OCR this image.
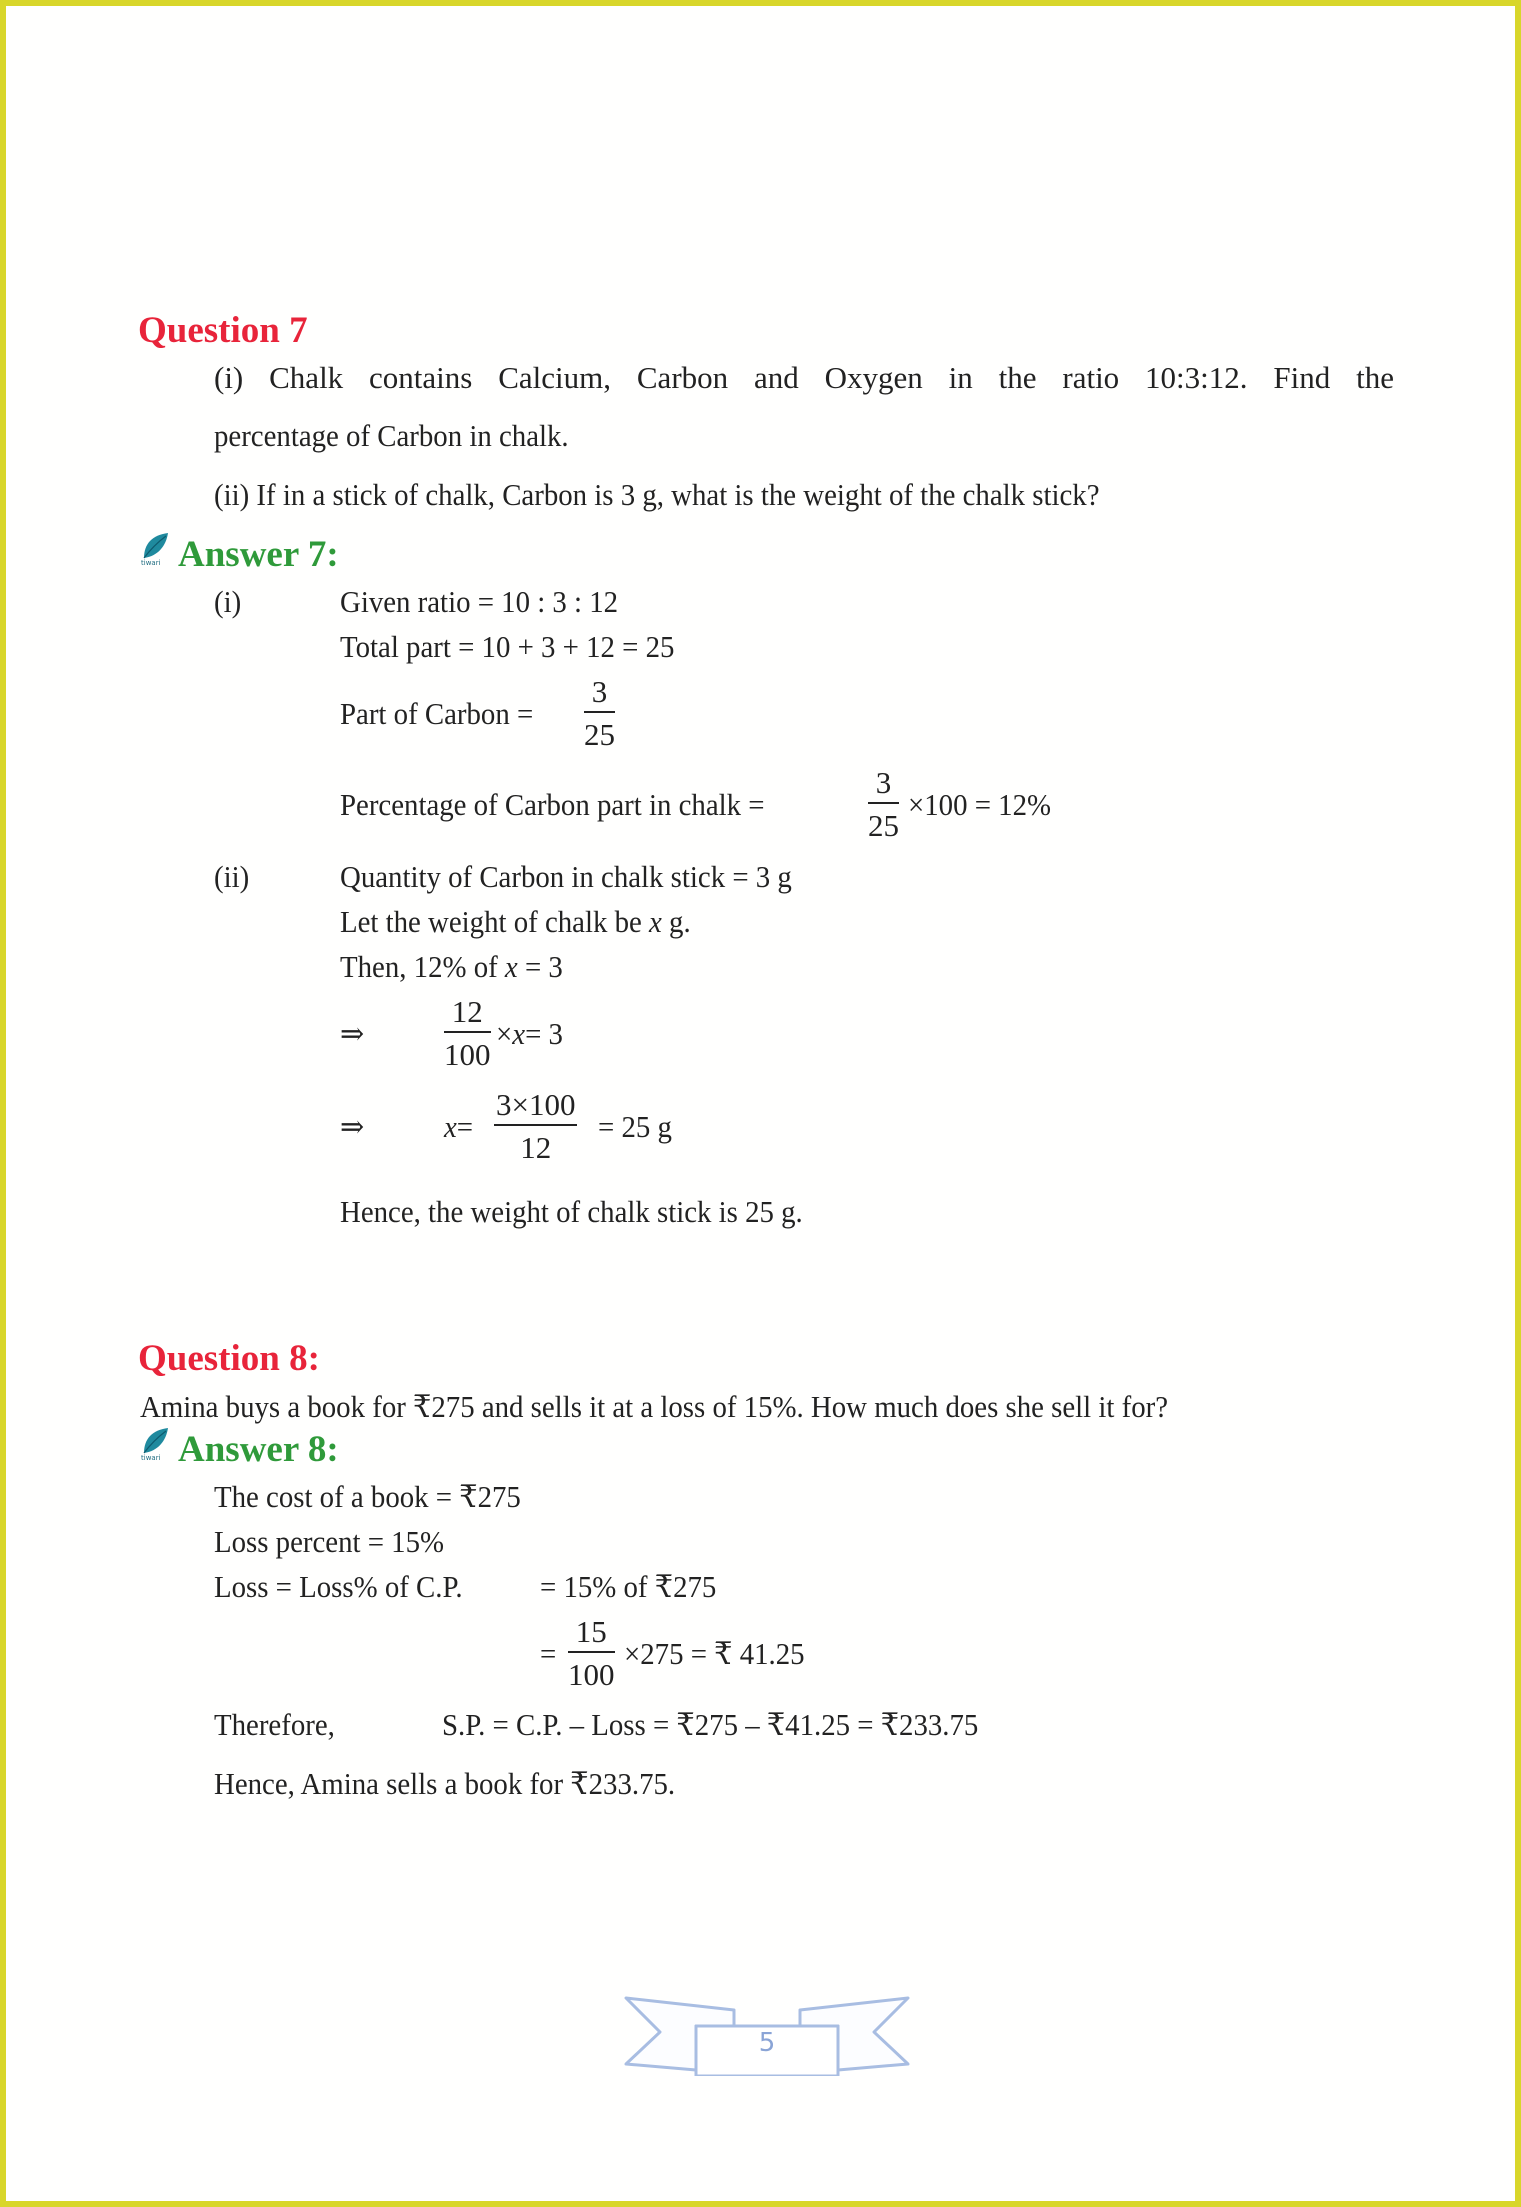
Question 7
(i) Chalk contains Calcium, Carbon and Oxygen in the ratio 10:3:12. Find the
percentage of Carbon in chalk.
(ii) If in a stick of chalk, Carbon is 3 g, what is the weight of the chalk stick?
tiwari Answer 7:
(i)	Given ratio = 10 : 3 : 12
Total part = 10 + 3 + 12 = 25
Part of Carbon = $\frac{3}{25}$
Percentage of Carbon part in chalk =	$\frac{3}{25} \times 100 = 12\%$
(ii)	Quantity of Carbon in chalk stick = 3 g
Let the weight of chalk be x g.
Then, 12% of x = 3
⇒	$\frac{12}{100} \times x= 3$
⇒	$x= \frac{3\times 100}{12} = 25$ g
Hence, the weight of chalk stick is 25 g.
Question 8:
Amina buys a book for ₹275 and sells it at a loss of 15%. How much does she sell it for?
tiwari Answer 8:
The cost of a book = ₹275
Loss percent = 15%
Loss = Loss% of C.P. = 15% of ₹275
= $\frac{15}{100} \times 275$ = ₹ 41.25
Therefore,	S.P. = C.P. – Loss = ₹275 – ₹41.25 = ₹233.75
Hence, Amina sells a book for ₹233.75.
5
